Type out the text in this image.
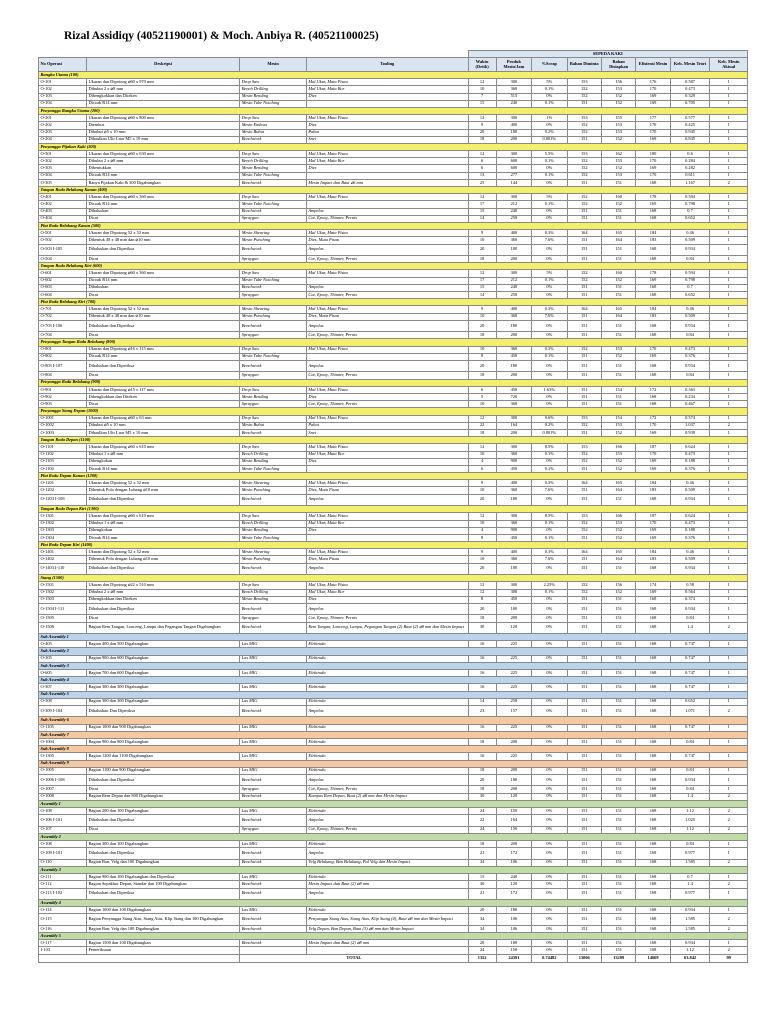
Rizal Assidiqy (40521190001) & Moch. Anbiya R. (40521100025)
				SEPEDA KAKI							
No Operasi	Deskripsi	Mesin	Tooling	Waktu (Detik)	Produk Mesin/Jam	%Scrap	Bahan Diminta	Bahan Disiapkan	Efisiensi Mesin	Keb. Mesin Teori	Keb. Mesin Aktual
Rangka Utama (100)											
O-101	Ukuran dan Dipotong ⌀60 x 970 mm	Drop Saw	Mal Ukur, Mata Pisau	12	300	5%	153	156	176	0.587	1
O-102	Dibubut 2 x ⌀8 mm	Bench Drilling	Mal Ukur, Mata Bor	10	360	0.1%	152	153	170	0.473	1
O-103	Dibengkokkan dan Diteken	Mesin Bending	Dies	7	515	0%	152	152	169	0.329	1
O-104	Dicoak R14 mm	Mesin Tube Notching		15	240	0.1%	151	152	169	0.705	1
Penyangga Rangka Utama (200)											
O-201	Ukuran dan Dipotong ⌀60 x 800 mm	Drop Saw	Mal Ukur, Mata Pisau	12	300	1%	153	155	177	0.577	1
O-202	Diembos	Mesin Emboss	Dies	9	400	0%	152	153	170	0.425	1
O-203	Dibubut ⌀5 x 10 mm	Mesin Bubut	Pahat	20	180	0.2%	152	153	170	0.945	1
O-204	Dibaulkan Ulir Luar M5 x 10 mm	Benchwork	Snei	18	200	0.001%	151	152	169	0.845	1
Penyangga Pijakan Kaki (300)											
O-301	Ukuran dan Dipotong ⌀60 x 630 mm	Drop Saw	Mal Ukur, Mata Pisau	12	300	5.5%	153	162	180	0.6	1
O-302	Dibubut 2 x ⌀8 mm	Bench Drilling	Mal Ukur, Mata Bor	6	600	0.1%	152	153	170	0.284	1
O-303	Dibentukkan	Mesin Bending	Dies	6	600	0%	152	152	169	0.282	1
O-304	Dicoak R14 mm	Mesin Tube Notching		13	277	0.1%	152	153	170	0.611	1
O-305	Ranya Pijakan Kaki & 300 Digabungkan	Benchwork	Mesin Impact dan Baut ⌀6 mm	25	144	0%	151	151	168	1.167	2
Tangan Roda Belakang Kanan (400)											
O-401	Ukuran dan Dipotong ⌀60 x 360 mm	Drop Saw	Mal Ukur, Mata Pisau	12	300	5%	152	160	178	0.594	1
O-402	Dicoak R14 mm	Mesin Tube Notching		17	212	0.1%	152	152	169	0.798	1
O-403	Dihaluskan	Benchwork	Ampelas	15	240	0%	151	151	168	0.7	1
O-404	Dicat	Spraygun	Cat, Epoxy, Thinner, Pernis	14	258	0%	151	151	168	0.652	1
Plat Roda Belakang Kanan (500)											
O-501	Ukuran dan Dipotong 52 x 52 mm	Mesin Shearing	Mal Ukur, Mata Pisau	9	400	0.3%	164	165	184	0.46	1
O-502	Dibentuk 48 x 48 mm dan ⌀10 mm	Mesin Punching	Dies, Mata Pisau	10	360	7.6%	151	164	183	0.509	1
O-503 I-105	Dihaluskan dan Diperiksa	Benchwork	Ampelas	20	180	0%	151	151	168	0.934	1
O-504	Dicat	Spraygun	Cat, Epoxy, Thinner, Pernis	18	200	0%	151	151	168	0.84	1
Tangan Roda Belakang Kiri (600)											
O-601	Ukuran dan Dipotong ⌀60 x 360 mm	Drop Saw	Mal Ukur, Mata Pisau	12	300	5%	152	160	178	0.594	1
O-602	Dicoak R14 mm	Mesin Tube Notching		17	212	0.1%	152	152	169	0.798	1
O-603	Dihaluskan	Benchwork	Ampelas	15	240	0%	151	151	168	0.7	1
O-604	Dicat	Spraygun	Cat, Epoxy, Thinner, Pernis	14	258	0%	151	151	168	0.652	1
Plat Roda Belakang Kiri (700)											
O-701	Ukuran dan Dipotong 52 x 52 mm	Mesin Shearing	Mal Ukur, Mata Pisau	9	400	0.3%	164	165	184	0.46	1
O-702	Dibentuk 48 x 48 mm dan ⌀10 mm	Mesin Punching	Dies, Mata Pisau	10	360	7.6%	151	164	183	0.509	1
O-703 I-106	Dihaluskan dan Diperiksa	Benchwork	Ampelas	20	180	0%	151	151	168	0.934	1
O-704	Dicat	Spraygun	Cat, Epoxy, Thinner, Pernis	18	200	0%	151	151	168	0.84	1
Penyangga Tangan Roda Belakang (800)											
O-801	Ukuran dan Dipotong ⌀16 x 115 mm	Drop Saw	Mal Ukur, Mata Pisau	10	360	0.3%	152	153	170	0.473	1
O-802	Dicoak R14 mm	Mesin Tube Notching		8	450	0.1%	151	152	169	0.376	1
O-803 I-107	Dihaluskan dan Diperiksa	Benchwork	Ampelas	20	180	0%	151	151	168	0.934	1
O-804	Dicat	Spraygun	Cat, Epoxy, Thinner, Pernis	18	200	0%	151	151	168	0.84	1
Penyangga Roda Belakang (900)											
O-901	Ukuran dan Dipotong ⌀15 x 117 mm	Drop Saw	Mal Ukur, Mata Pisau	6	450	1.63%	151	154	172	0.363	1
O-902	Dibengkokkan dan Diteken	Mesin Bending	Dies	5	720	0%	151	151	168	0.234	1
O-903	Dicat	Spraygun	Cat, Epoxy, Thinner, Pernis	10	360	0%	151	151	168	0.467	1
Penyangga Stang Depan (1000)											
O-1001	Ukuran dan Dipotong ⌀60 x 63 mm	Drop Saw	Mal Ukur, Mata Pisau	12	300	0.6%	153	154	172	0.574	1
O-1002	Dibubut ⌀5 x 10 mm	Mesin Bubut	Pahat	22	164	0.2%	152	153	170	1.037	2
O-1003	Dibaulkan Ulir Luar M5 x 10 mm	Benchwork	Snei	18	200	0.001%	151	152	169	0.939	1
Tangan Roda Depan (1100)											
O-1101	Ukuran dan Dipotong ⌀60 x 610 mm	Drop Saw	Mal Ukur, Mata Pisau	12	300	8.5%	153	166	187	0.624	1
O-1102	Dibubut 1 x ⌀8 mm	Bench Drilling	Mal Ukur, Mata Bor	10	360	0.1%	152	153	170	0.473	1
O-1103	Dibengkokan	Mesin Bending	Dies	4	900	0%	152	152	169	0.188	1
O-1104	Dicoak R14 mm	Mesin Tube Notching		6	450	0.1%	151	152	169	0.376	1
Plat Roda Depan Kanan (1200)											
O-1201	Ukuran dan Dipotong 52 x 52 mm	Mesin Shearing	Mal Ukur, Mata Pisau	9	400	0.3%	164	165	184	0.46	1
O-1202	Dibentuk Pola dengan Lubang ⌀10 mm	Mesin Punching	Dies, Mata Pisau	10	360	7.6%	151	164	183	0.509	1
O-1203 I-108	Dihaluskan dan Diperiksa	Benchwork	Ampelas	20	180	0%	151	151	168	0.934	1
Tangan Roda Depan Kiri (1300)											
O-1301	Ukuran dan Dipotong ⌀60 x 610 mm	Drop Saw	Mal Ukur, Mata Pisau	12	300	8.5%	153	166	187	0.624	1
O-1302	Dibubut 1 x ⌀8 mm	Bench Drilling	Mal Ukur, Mata Bor	10	360	0.1%	152	153	170	0.473	1
O-1303	Dibengkokan	Mesin Bending	Dies	4	900	0%	152	152	169	0.188	1
O-1304	Dicoak R14 mm	Mesin Tube Notching		8	450	0.1%	151	152	169	0.376	1
Plat Roda Depan Kiri (1400)											
O-1401	Ukuran dan Dipotong 52 x 52 mm	Mesin Shearing	Mal Ukur, Mata Pisau	9	400	0.3%	164	165	184	0.46	1
O-1402	Dibentuk Pola dengan Lubang ⌀10 mm	Mesin Punching	Dies, Mata Pisau	10	360	7.6%	151	164	183	0.509	1
O-1403 I-110	Dihaluskan dan Diperiksa	Benchwork	Ampelas	20	180	0%	151	151	168	0.934	1
Stang (1500)											
O-1501	Ukuran dan Dipotong ⌀22 x 510 mm	Drop Saw	Mal Ukur, Mata Pisau	12	300	2.25%	152	156	174	0.58	1
O-1502	Dibubut 2 x ⌀8 mm	Bench Drilling	Mal Ukur, Mata Bor	12	300	0.1%	152	152	169	0.564	1
O-1503	Dibengkokkan dan Diteken	Mesin Bending	Dies	8	450	0%	151	151	168	0.374	1
O-1504 I-111	Dihaluskan dan Diperiksa	Benchwork	Ampelas	20	180	0%	151	151	168	0.934	1
O-1505	Dicat	Spraygun	Cat, Epoxy, Thinner, Pernis	18	200	0%	151	151	168	0.84	1
O-1506	Bagian Rem Tangan, Lonceng, Lampu dan Pegangan Tangan Digabungkan	Benchwork	Rem Tangan, Lonceng, Lampu, Pegangan Tangan (2) Baut (2) ⌀8 mm dan Mesin Impact	30	120	0%	151	151	168	1.4	2
Sub Assembly 1											
O-405	Bagian 400 dan 500 Digabungkan	Las MIG	Elektroda	16	225	0%	151	151	168	0.747	1
Sub Assembly 2											
O-305	Bagian 900 dan 600 Digabungkan	Las MIG	Elektroda	16	225	0%	151	151	168	0.747	1
Sub Assembly 3											
O-605	Bagian 700 dan 600 Digabungkan	Las MIG	Elektroda	16	225	0%	151	151	168	0.747	1
Sub Assembly 4											
O-307	Bagian 300 dan 300 Digabungkan	Las MIG	Elektroda	16	225	0%	151	151	168	0.747	1
Sub Assembly 5											
O-308	Bagian 300 dan 300 Digabungkan	Las MIG	Elektroda	14	258	0%	151	151	168	0.652	1
O-309 I-104	Dihaluskan Dan Diperiksa	Benchwork	Ampelas	23	157	0%	151	151	168	1.071	2
Sub Assembly 6											
O-1105	Bagian 1000 dan 900 Digabungkan	Las MIG	Elektroda	16	225	0%	151	151	168	0.747	1
Sub Assembly 7											
O-1004	Bagian 900 dan 800 Digabungkan	Las MIG	Elektroda	18	200	0%	151	151	168	0.84	1
Sub Assembly 8											
O-1305	Bagian 1200 dan 1100 Digabungkan	Las MIG	Elektroda	16	225	0%	151	151	168	0.747	1
Sub Assembly 9											
O-1005	Bagian 1100 dan 900 Digabungkan	Las MIG	Elektroda	18	200	0%	151	151	168	0.84	1
O-1006 I-108	Dihaluskan dan Diperiksa	Benchwork	Ampelas	20	180	0%	151	151	168	0.934	1
O-1007	Dicat	Spraygun	Cat, Epoxy, Thinner, Pernis	18	200	0%	151	151	168	0.84	1
O-1008	Bagian Rem Depan dan 800 Digabungkan	Benchwork	Kampas Rem Depan, Baut (2) ⌀8 mm dan Mesin Impact	30	120	0%	151	151	168	1.4	2
Assembly 1											
O-108	Bagian 200 dan 100 Digabungkan	Las MIG	Elektroda	24	150	0%	151	151	168	1.12	2
O-106 I-101	Dihaluskan dan Diperiksa	Benchwork	Ampelas	22	164	0%	151	151	168	1.025	2
O-107	Dicat	Spraygun	Cat, Epoxy, Thinner, Pernis	24	150	0%	151	151	168	1.12	2
Assembly 2											
O-108	Bagian 300 dan 100 Digabungkan	Las MIG	Elektroda	18	200	0%	151	151	168	0.84	1
O-109 I-101	Dihaluskan dan Diperiksa	Benchwork	Ampelas	21	172	0%	151	151	168	0.977	1
O-110	Bagian Ban, Velg dan 100 Digabungkan	Benchwork	Velg Belakang, Ban Belakang, Pal Velg dan Mesin Impact	34	106	0%	151	151	168	1.585	2
Assembly 3											
O-111	Bagian 900 dan 100 Digabungkan dan Diperiksa	Las MIG	Elektroda	15	240	0%	151	151	168	0.7	1
O-112	Bagian Sepakbor Depan, Standar dan 100 Digabungkan	Benchwork	Mesin Impact dan Baut (2) ⌀8 mm	30	120	0%	151	151	168	1.4	2
O-113 I-102	Dihaluskan dan Diperiksa	Benchwork	Ampelas	21	172	0%	151	151	168	0.977	1
Assembly 4											
O-114	Bagian 1000 dan 100 Digabungkan	Las MIG	Elektroda	20	180	0%	151	151	168	0.934	1
O-115	Bagian Penyangga Stang Atas, Stang Atas, Klip Stang dan 100 Digabungkan	Benchwork	Penyangga Stang Atas, Stang Atas, Klip Stang (4), Baut ⌀8 mm dan Mesin Impact	34	106	0%	151	151	168	1.585	2
O-116	Bagian Ban, Velg dan 100 Digabungkan	Benchwork	Velg Depan, Ban Depan, Baut (3) ⌀8 mm dan Mesin Impact	34	106	0%	151	151	168	1.585	2
Assembly 5											
O-117	Bagian 1500 dan 100 Digabungkan	Benchwork	Mesin Impact dan Baut (2) ⌀8 mm	20	180	0%	151	151	168	0.934	1
I-103	Pemeriksaan			24	150	0%	151	151	168	1.12	2
		TOTAL		1352	24391	0.74482	13066	13209	14669	63.842	99
